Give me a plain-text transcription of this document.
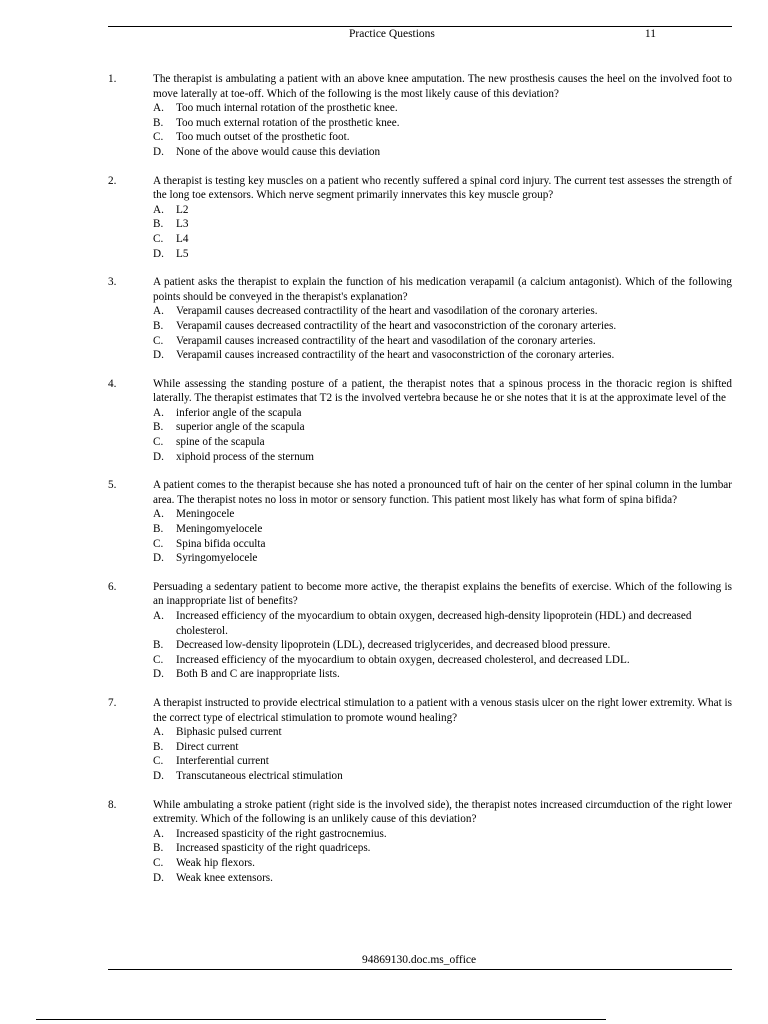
Practice Questions	11
1.	The therapist is ambulating a patient with an above knee amputation. The new prosthesis causes the heel on the involved foot to move laterally at toe-off. Which of the following is the most likely cause of this deviation?
A.	Too much internal rotation of the prosthetic knee.
B.	Too much external rotation of the prosthetic knee.
C.	Too much outset of the prosthetic foot.
D.	None of the above would cause this deviation
2.	A therapist is testing key muscles on a patient who recently suffered a spinal cord injury. The current test assesses the strength of the long toe extensors. Which nerve segment primarily innervates this key muscle group?
A.	L2
B.	L3
C.	L4
D.	L5
3.	A patient asks the therapist to explain the function of his medication verapamil (a calcium antagonist). Which of the following points should be conveyed in the therapist's explanation?
A.	Verapamil causes decreased contractility of the heart and vasodilation of the coronary arteries.
B.	Verapamil causes decreased contractility of the heart and vasoconstriction of the coronary arteries.
C.	Verapamil causes increased contractility of the heart and vasodilation of the coronary arteries.
D.	Verapamil causes increased contractility of the heart and vasoconstriction of the coronary arteries.
4.	While assessing the standing posture of a patient, the therapist notes that a spinous process in the thoracic region is shifted laterally. The therapist estimates that T2 is the involved vertebra because he or she notes that it is at the approximate level of the
A.	inferior angle of the scapula
B.	superior angle of the scapula
C.	spine of the scapula
D.	xiphoid process of the sternum
5.	A patient comes to the therapist because she has noted a pronounced tuft of hair on the center of her spinal column in the lumbar area. The therapist notes no loss in motor or sensory function. This patient most likely has what form of spina bifida?
A.	Meningocele
B.	Meningomyelocele
C.	Spina bifida occulta
D.	Syringomyelocele
6.	Persuading a sedentary patient to become more active, the therapist explains the benefits of exercise. Which of the following is an inappropriate list of benefits?
A.	Increased efficiency of the myocardium to obtain oxygen, decreased high-density lipoprotein (HDL) and decreased cholesterol.
B.	Decreased low-density lipoprotein (LDL), decreased triglycerides, and decreased blood pressure.
C.	Increased efficiency of the myocardium to obtain oxygen, decreased cholesterol, and decreased LDL.
D.	Both B and C are inappropriate lists.
7.	A therapist instructed to provide electrical stimulation to a patient with a venous stasis ulcer on the right lower extremity. What is the correct type of electrical stimulation to promote wound healing?
A.	Biphasic pulsed current
B.	Direct current
C.	Interferential current
D.	Transcutaneous electrical stimulation
8.	While ambulating a stroke patient (right side is the involved side), the therapist notes increased circumduction of the right lower extremity. Which of the following is an unlikely cause of this deviation?
A.	Increased spasticity of the right gastrocnemius.
B.	Increased spasticity of the right quadriceps.
C.	Weak hip flexors.
D.	Weak knee extensors.
94869130.doc.ms_office
